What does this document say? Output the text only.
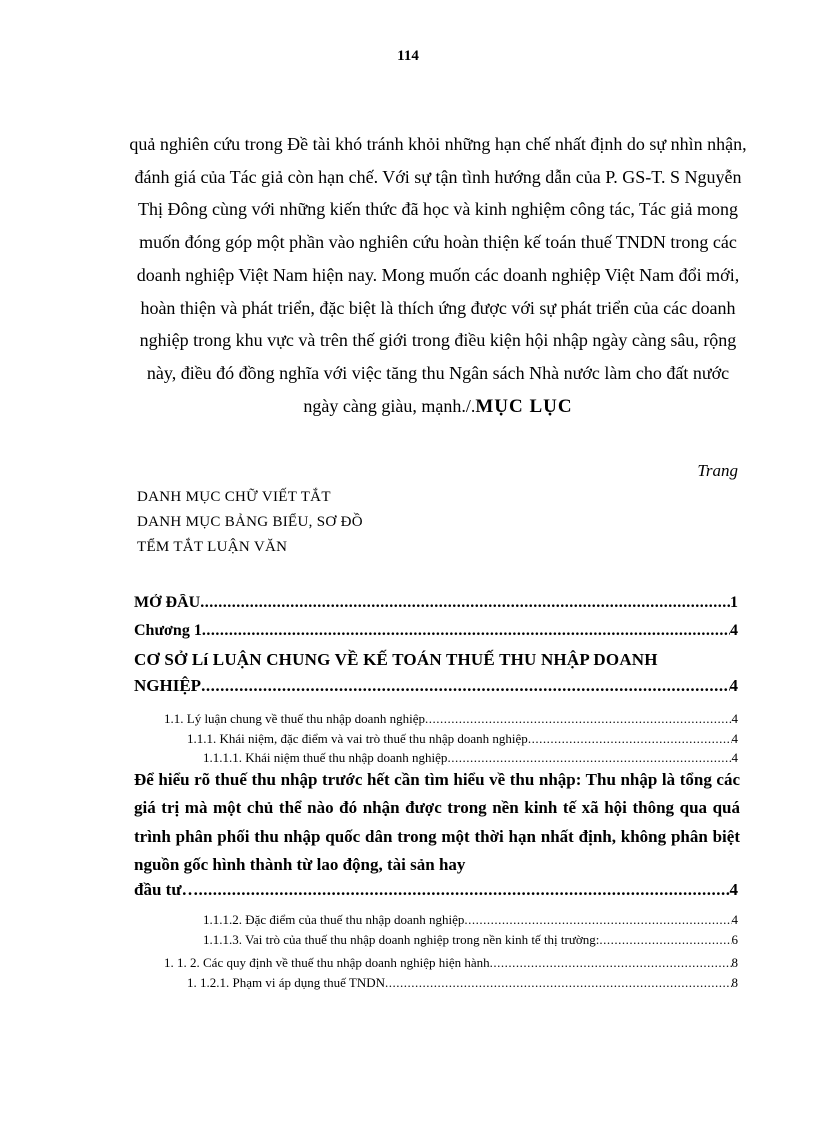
114
quả nghiên cứu trong Đề tài khó tránh khỏi những hạn chế nhất định do sự nhìn nhận, đánh giá của Tác giả còn hạn chế. Với sự tận tình hướng dẫn của P. GS-T. S Nguyễn Thị Đông cùng với những kiến thức đã học và kinh nghiệm công tác, Tác giả mong muốn đóng góp một phần vào nghiên cứu hoàn thiện kế toán thuế TNDN trong các doanh nghiệp Việt Nam hiện nay. Mong muốn các doanh nghiệp Việt Nam đổi mới, hoàn thiện và phát triển, đặc biệt là thích ứng được với sự phát triển của các doanh nghiệp trong khu vực và trên thế giới trong điều kiện hội nhập ngày càng sâu, rộng này, điều đó đồng nghĩa với việc tăng thu Ngân sách Nhà nước làm cho đất nước ngày càng giàu, mạnh./.MỤC LỤC
Trang
DANH MỤC CHỮ VIẾT TẮT
DANH MỤC BẢNG BIỂU, SƠ ĐỒ
TỂM TẮT LUẬN VĂN
MỞ ĐẦU .....	1
Chương 1 .....	4
CƠ SỞ Lí LUẬN CHUNG VỀ KẾ TOÁN THUẾ THU NHẬP DOANH
NGHIỆP .....	4
1.1. Lý luận chung về thuế thu nhập doanh nghiệp .....	4
1.1.1. Khái niệm, đặc điểm và vai trò thuế thu nhập doanh nghiệp .....	4
1.1.1.1. Khái niệm thuế thu nhập doanh nghiệp .....	4
Để hiểu rõ thuế thu nhập trước hết cần tìm hiểu về thu nhập: Thu nhập là tổng các giá trị mà một chủ thể nào đó nhận được trong nền kinh tế xã hội thông qua quá trình phân phối thu nhập quốc dân trong một thời hạn nhất định, không phân biệt nguồn gốc hình thành từ lao động, tài sản hay
đầu tư… .....	4
1.1.1.2. Đặc điểm của thuế thu nhập doanh nghiệp .....	4
1.1.1.3. Vai trò của thuế thu nhập doanh nghiệp trong nền kinh tế thị trường: .....	6
1. 1. 2. Các quy định về thuế thu nhập doanh nghiệp hiện hành .....	8
1. 1.2.1. Phạm vi áp dụng thuế TNDN .....	8
